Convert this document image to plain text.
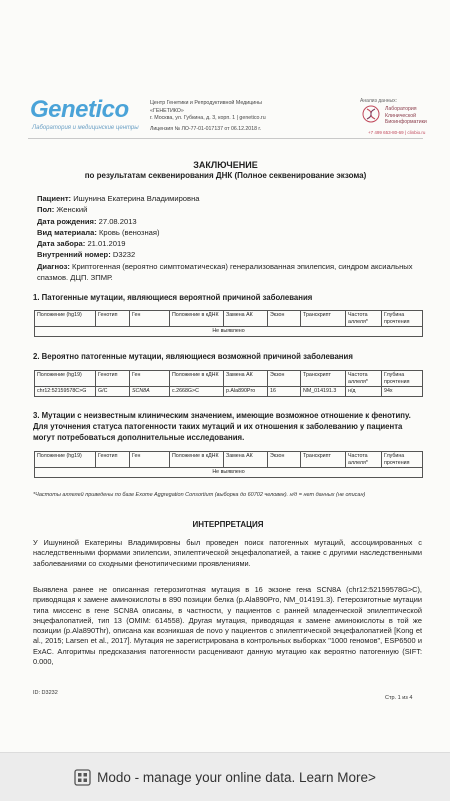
Genetico
Лаборатория и медицинские центры
Центр Генетики и Репродуктивной Медицины «ГЕНЕТИКО»
г. Москва, ул. Губкина, д. 3, корп. 1 | genetico.ru
Лицензия № ЛО-77-01-017137 от 06.12.2018 г.
Анализ данных:
Лаборатория
Клинической
Биоинформатики
+7 499 653-80-69 | clinbio.ru
ЗАКЛЮЧЕНИЕ
по результатам секвенирования ДНК (Полное секвенирование экзома)
Пациент: Ишунина Екатерина Владимировна
Пол: Женский
Дата рождения: 27.08.2013
Вид материала: Кровь (венозная)
Дата забора: 21.01.2019
Внутренний номер: D3232
Диагноз: Криптогенная (вероятно симптоматическая) генерализованная эпилепсия, синдром аксиальных спазмов. ДЦП. ЗПМР.
1. Патогенные мутации, являющиеся вероятной причиной заболевания
Положение (hg19)	Генотип	Ген	Положение в кДНК	Замена АК	Экзон	Транскрипт	Частота аллеля*	Глубина прочтения
Не выявлено
2. Вероятно патогенные мутации, являющиеся возможной причиной заболевания
Положение (hg19)	Генотип	Ген	Положение в кДНК	Замена АК	Экзон	Транскрипт	Частота аллеля*	Глубина прочтения
chr12:52159578C>G	G/C	SCN8A	c.2668G>C	p.Ala890Pro	16	NM_014191.3	н/д	94x
3. Мутации с неизвестным клиническим значением, имеющие возможное отношение к фенотипу. Для уточнения статуса патогенности таких мутаций и их отношения к заболеванию у пациента могут потребоваться дополнительные исследования.
Положение (hg19)	Генотип	Ген	Положение в кДНК	Замена АК	Экзон	Транскрипт	Частота аллеля*	Глубина прочтения
Не выявлено
*Частоты аллелей приведены по базе Exome Aggregation Consortium (выборка до 60702 человек). н/д = нет данных (не описан)
ИНТЕРПРЕТАЦИЯ
У Ишуниной Екатерины Владимировны был проведен поиск патогенных мутаций, ассоциированных с наследственными формами эпилепсии, эпилептической энцефалопатией, а также с другими наследственными заболеваниями со сходными фенотипическими проявлениями.
Выявлена ранее не описанная гетерозиготная мутация в 16 экзоне гена SCN8A (chr12:52159578G>C), приводящая к замене аминокислоты в 890 позиции белка (p.Ala890Pro, NM_014191.3). Гетерозиготные мутации типа миссенс в гене SCN8A описаны, в частности, у пациентов с ранней младенческой эпилептической энцефалопатией, тип 13 (OMIM: 614558). Другая мутация, приводящая к замене аминокислоты в той же позиции (p.Ala890Thr), описана как возникшая de novo у пациентов с эпилептической энцефалопатией [Kong et al., 2015; Larsen et al., 2017]. Мутация не зарегистрирована в контрольных выборках "1000 геномов", ESP6500 и ExAC. Алгоритмы предсказания патогенности расценивают данную мутацию как вероятно патогенную (SIFT: 0.000,
ID: D3232
Стр. 1 из 4
Modo - manage your online data. Learn More>
